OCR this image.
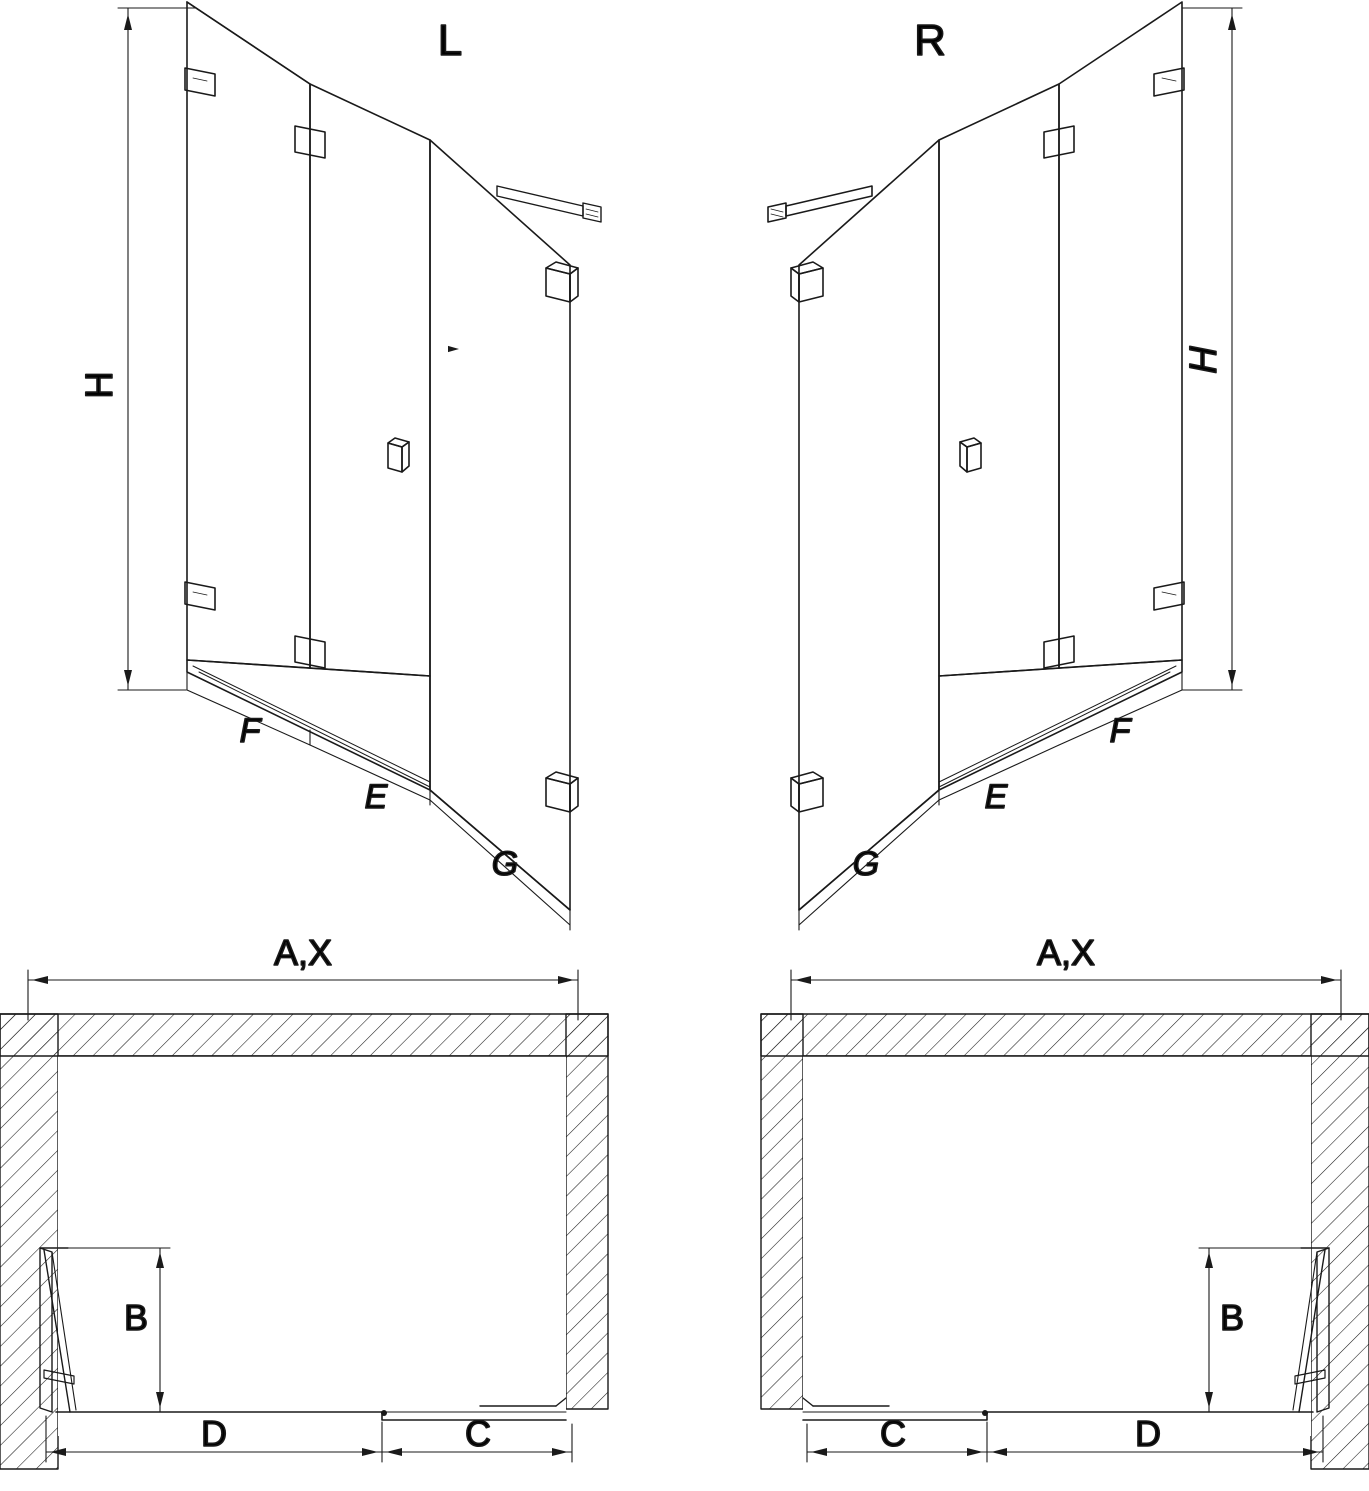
H
L
F
E
G
R
H
F
E
G
A,X
B
D	C
A,X
B
C	D
